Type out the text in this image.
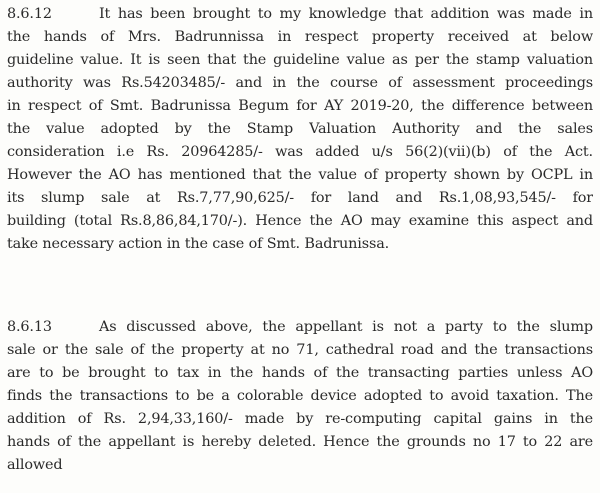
8.6.12	It has been brought to my knowledge that addition was made in
the hands of Mrs. Badrunnissa in respect property received at below
guideline value. It is seen that the guideline value as per the stamp valuation
authority was Rs.54203485/- and in the course of assessment proceedings
in respect of Smt. Badrunissa Begum for AY 2019-20, the difference between
the value adopted by the Stamp Valuation Authority and the sales
consideration i.e Rs. 20964285/- was added u/s 56(2)(vii)(b) of the Act.
However the AO has mentioned that the value of property shown by OCPL in
its slump sale at Rs.7,77,90,625/- for land and Rs.1,08,93,545/- for
building (total Rs.8,86,84,170/-). Hence the AO may examine this aspect and
take necessary action in the case of Smt. Badrunissa.
8.6.13	As discussed above, the appellant is not a party to the slump
sale or the sale of the property at no 71, cathedral road and the transactions
are to be brought to tax in the hands of the transacting parties unless AO
finds the transactions to be a colorable device adopted to avoid taxation. The
addition of Rs. 2,94,33,160/- made by re-computing capital gains in the
hands of the appellant is hereby deleted. Hence the grounds no 17 to 22 are
allowed
